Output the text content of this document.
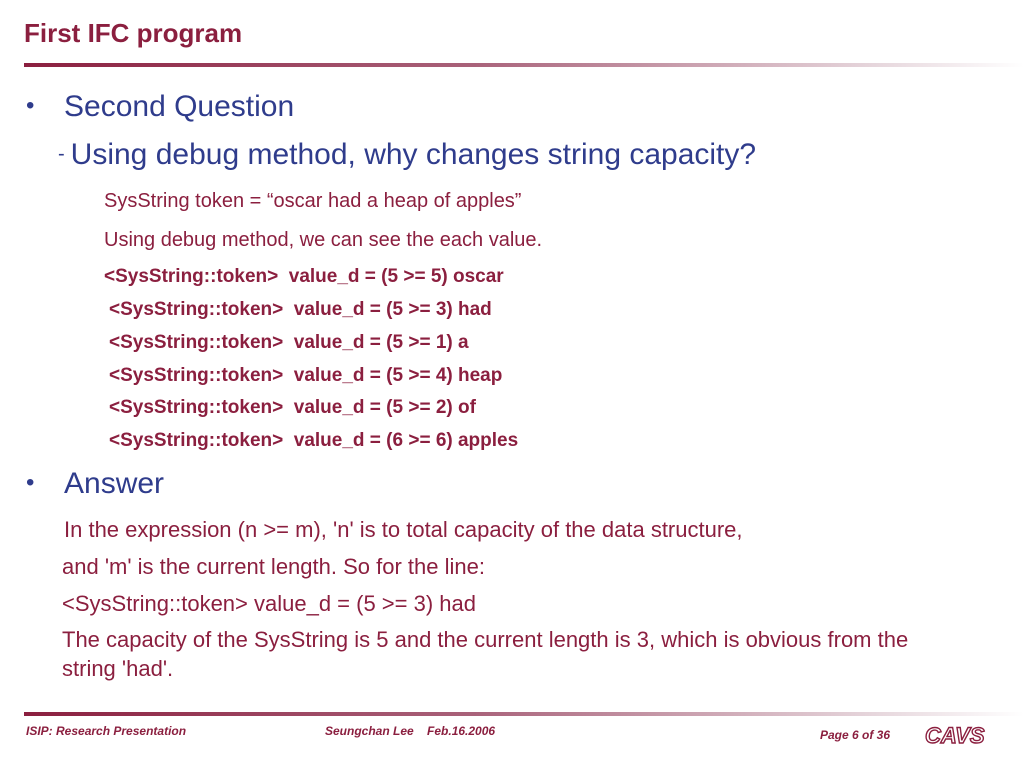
First IFC program
• Second Question
- Using debug method, why changes string capacity?
SysString token = “oscar had a heap of apples”
Using debug method, we can see the each value.
<SysString::token>  value_d = (5 >= 5) oscar
<SysString::token>  value_d = (5 >= 3) had
<SysString::token>  value_d = (5 >= 1) a
<SysString::token>  value_d = (5 >= 4) heap
<SysString::token>  value_d = (5 >= 2) of
<SysString::token>  value_d = (6 >= 6) apples
• Answer
In the expression (n >= m), 'n' is to total capacity of the data structure,
and 'm' is the current length. So for the line:
<SysString::token> value_d = (5 >= 3) had
The capacity of the SysString is 5 and the current length is 3, which is obvious from the string 'had'.
ISIP: Research Presentation	Seungchan Lee    Feb.16.2006	Page 6 of 36 CAVS
